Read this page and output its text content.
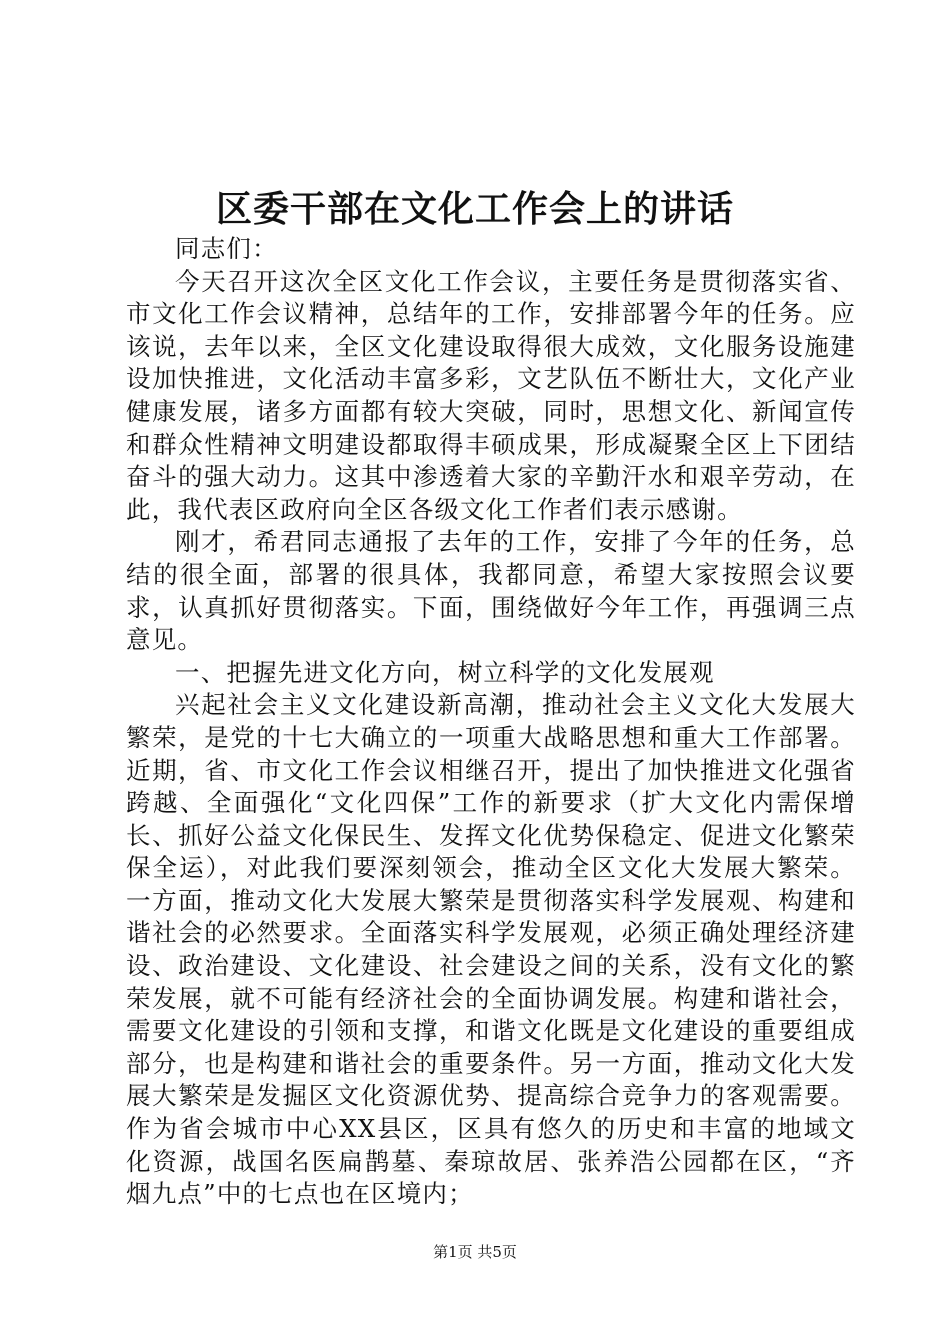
区委干部在文化工作会上的讲话

同志们：

今天召开这次全区文化工作会议，主要任务是贯彻落实省、市文化工作会议精神，总结年的工作，安排部署今年的任务。应该说，去年以来，全区文化建设取得很大成效，文化服务设施建设加快推进，文化活动丰富多彩，文艺队伍不断壮大，文化产业健康发展，诸多方面都有较大突破，同时，思想文化、新闻宣传和群众性精神文明建设都取得丰硕成果，形成凝聚全区上下团结奋斗的强大动力。这其中渗透着大家的辛勤汗水和艰辛劳动，在此，我代表区政府向全区各级文化工作者们表示感谢。

刚才，希君同志通报了去年的工作，安排了今年的任务，总结的很全面，部署的很具体，我都同意，希望大家按照会议要求，认真抓好贯彻落实。下面，围绕做好今年工作，再强调三点意见。

一、把握先进文化方向，树立科学的文化发展观

兴起社会主义文化建设新高潮，推动社会主义文化大发展大繁荣，是党的十七大确立的一项重大战略思想和重大工作部署。近期，省、市文化工作会议相继召开，提出了加快推进文化强省跨越、全面强化“文化四保”工作的新要求（扩大文化内需保增长、抓好公益文化保民生、发挥文化优势保稳定、促进文化繁荣保全运），对此我们要深刻领会，推动全区文化大发展大繁荣。一方面，推动文化大发展大繁荣是贯彻落实科学发展观、构建和谐社会的必然要求。全面落实科学发展观，必须正确处理经济建设、政治建设、文化建设、社会建设之间的关系，没有文化的繁荣发展，就不可能有经济社会的全面协调发展。构建和谐社会，需要文化建设的引领和支撑，和谐文化既是文化建设的重要组成部分，也是构建和谐社会的重要条件。另一方面，推动文化大发展大繁荣是发掘区文化资源优势、提高综合竞争力的客观需要。作为省会城市中心XX县区，区具有悠久的历史和丰富的地域文化资源，战国名医扁鹊墓、秦琼故居、张养浩公园都在区，“齐烟九点”中的七点也在区境内；

第1页 共5页
